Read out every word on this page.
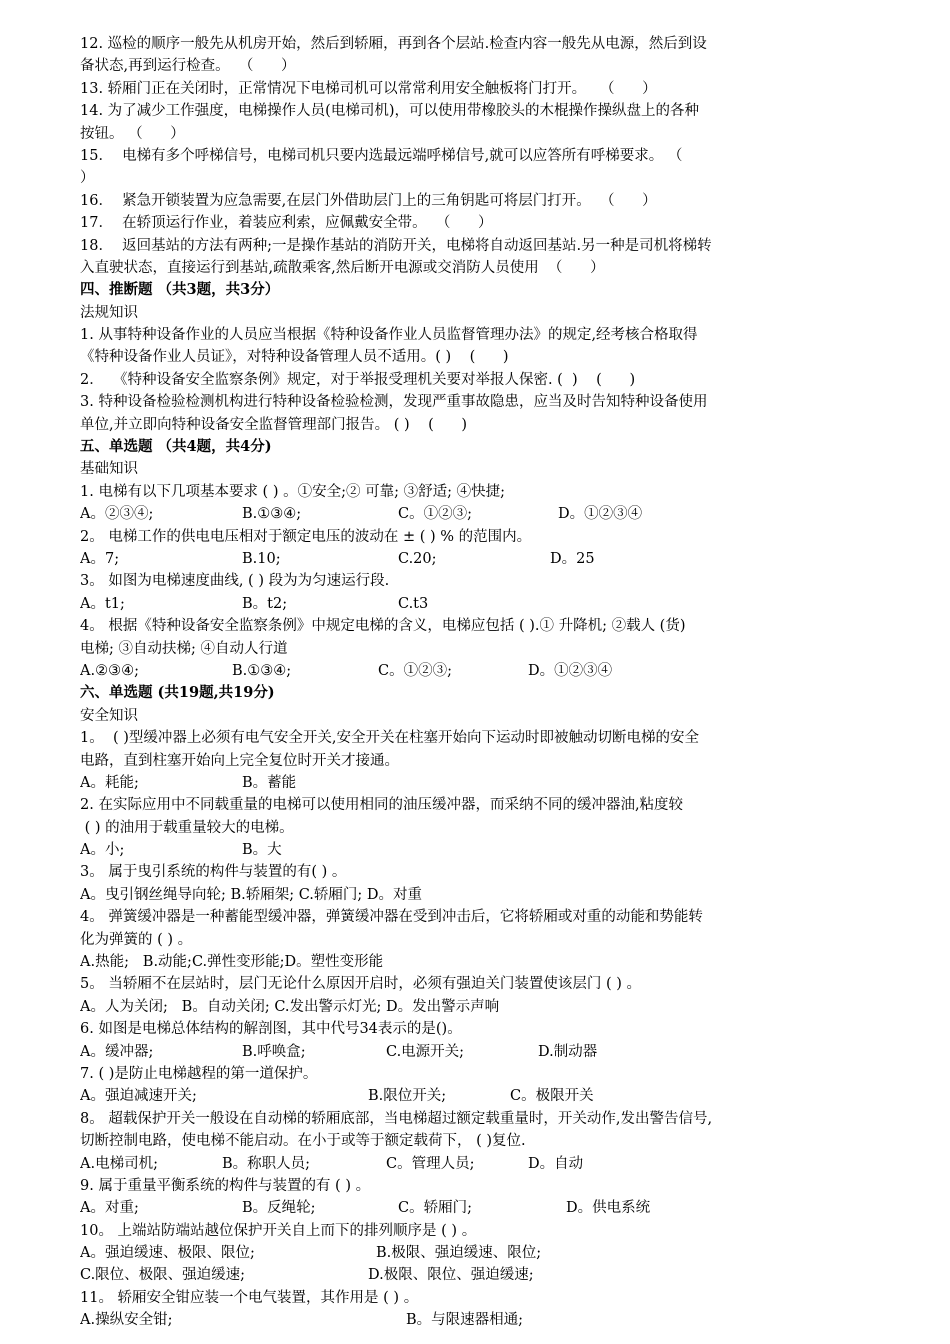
12. 巡检的顺序一般先从机房开始，然后到轿厢，再到各个层站.检查内容一般先从电源，然后到设
备状态,再到运行检查。  （      ）
13. 轿厢门正在关闭时，正常情况下电梯司机可以常常利用安全触板将门打开。   （      ）
14. 为了减少工作强度，电梯操作人员(电梯司机)，可以使用带橡胶头的木棍操作操纵盘上的各种
按钮。 （      ）
15．  电梯有多个呼梯信号，电梯司机只要内选最远端呼梯信号,就可以应答所有呼梯要求。 （
）
16．  紧急开锁装置为应急需要,在层门外借助层门上的三角钥匙可将层门打开。  （      ）
17．  在轿顶运行作业，着装应利索，应佩戴安全带。  （      ）
18．  返回基站的方法有两种;一是操作基站的消防开关，电梯将自动返回基站.另一种是司机将梯转
入直驶状态，直接运行到基站,疏散乘客,然后断开电源或交消防人员使用  （      ）
四、推断题 （共3题，共3分）
法规知识
1. 从事特种设备作业的人员应当根据《特种设备作业人员监督管理办法》的规定,经考核合格取得
《特种设备作业人员证》，对特种设备管理人员不适用。( )    (      )
2．  《特种设备安全监察条例》规定，对于举报受理机关要对举报人保密. (  )    (      )
3. 特种设备检验检测机构进行特种设备检验检测，发现严重事故隐患，应当及时告知特种设备使用
单位,并立即向特种设备安全监督管理部门报告。 ( )    (      )
五、单选题 （共4题，共4分)
基础知识
1. 电梯有以下几项基本要求 ( ) 。①安全;② 可靠; ③舒适; ④快捷;

A。②③④;

	B.①③④;

	C。①②③;

	D。①②③④

2。 电梯工作的供电电压相对于额定电压的波动在 ± ( ) % 的范围内。

A。7;

	B.10;

	C.20;

	D。25

3。 如图为电梯速度曲线, ( ) 段为为匀速运行段.

A。t1;

	B。t2;

	C.t3

4。 根据《特种设备安全监察条例》中规定电梯的含义，电梯应包括 ( ).① 升降机; ②载人 (货)
电梯; ③自动扶梯; ④自动人行道

A.②③④;

	B.①③④;

	C。①②③;

	D。①②③④

六、单选题 (共19题,共19分)
安全知识
1。  ( )型缓冲器上必须有电气安全开关,安全开关在柱塞开始向下运动时即被触动切断电梯的安全
电路，直到柱塞开始向上完全复位时开关才接通。

A。耗能;

	B。蓄能

2. 在实际应用中不同载重量的电梯可以使用相同的油压缓冲器，而采纳不同的缓冲器油,粘度较
( ) 的油用于载重量较大的电梯。

A。小;

	B。大

3。 属于曳引系统的构件与装置的有( ) 。
A。曳引钢丝绳导向轮; B.轿厢架; C.轿厢门; D。对重
4。 弹簧缓冲器是一种蓄能型缓冲器，弹簧缓冲器在受到冲击后，它将轿厢或对重的动能和势能转
化为弹簧的 ( ) 。
A.热能;   B.动能;C.弹性变形能;D。塑性变形能
5。 当轿厢不在层站时，层门无论什么原因开启时，必须有强迫关门装置使该层门 ( ) 。
A。人为关闭;   B。自动关闭; C.发出警示灯光; D。发出警示声响
6. 如图是电梯总体结构的解剖图，其中代号34表示的是()。

A。缓冲器;

	B.呼唤盒;

	C.电源开关;

	D.制动器

7. ( )是防止电梯越程的第一道保护。

A。强迫减速开关;

	B.限位开关;

	C。极限开关

8。 超载保护开关一般设在自动梯的轿厢底部，当电梯超过额定载重量时，开关动作,发出警告信号,
切断控制电路，使电梯不能启动。在小于或等于额定载荷下， ( )复位.

A.电梯司机;

	B。称职人员;

	C。管理人员;

	D。自动

9. 属于重量平衡系统的构件与装置的有 ( ) 。

A。对重;

	B。反绳轮;

	C。轿厢门;

	D。供电系统

10。 上端站防端站越位保护开关自上而下的排列顺序是 ( ) 。

A。强迫缓速、极限、限位;

	B.极限、强迫缓速、限位;

C.限位、极限、强迫缓速;

	D.极限、限位、强迫缓速;

11。 轿厢安全钳应装一个电气装置，其作用是 ( ) 。

A.操纵安全钳;

	B。与限速器相通;
